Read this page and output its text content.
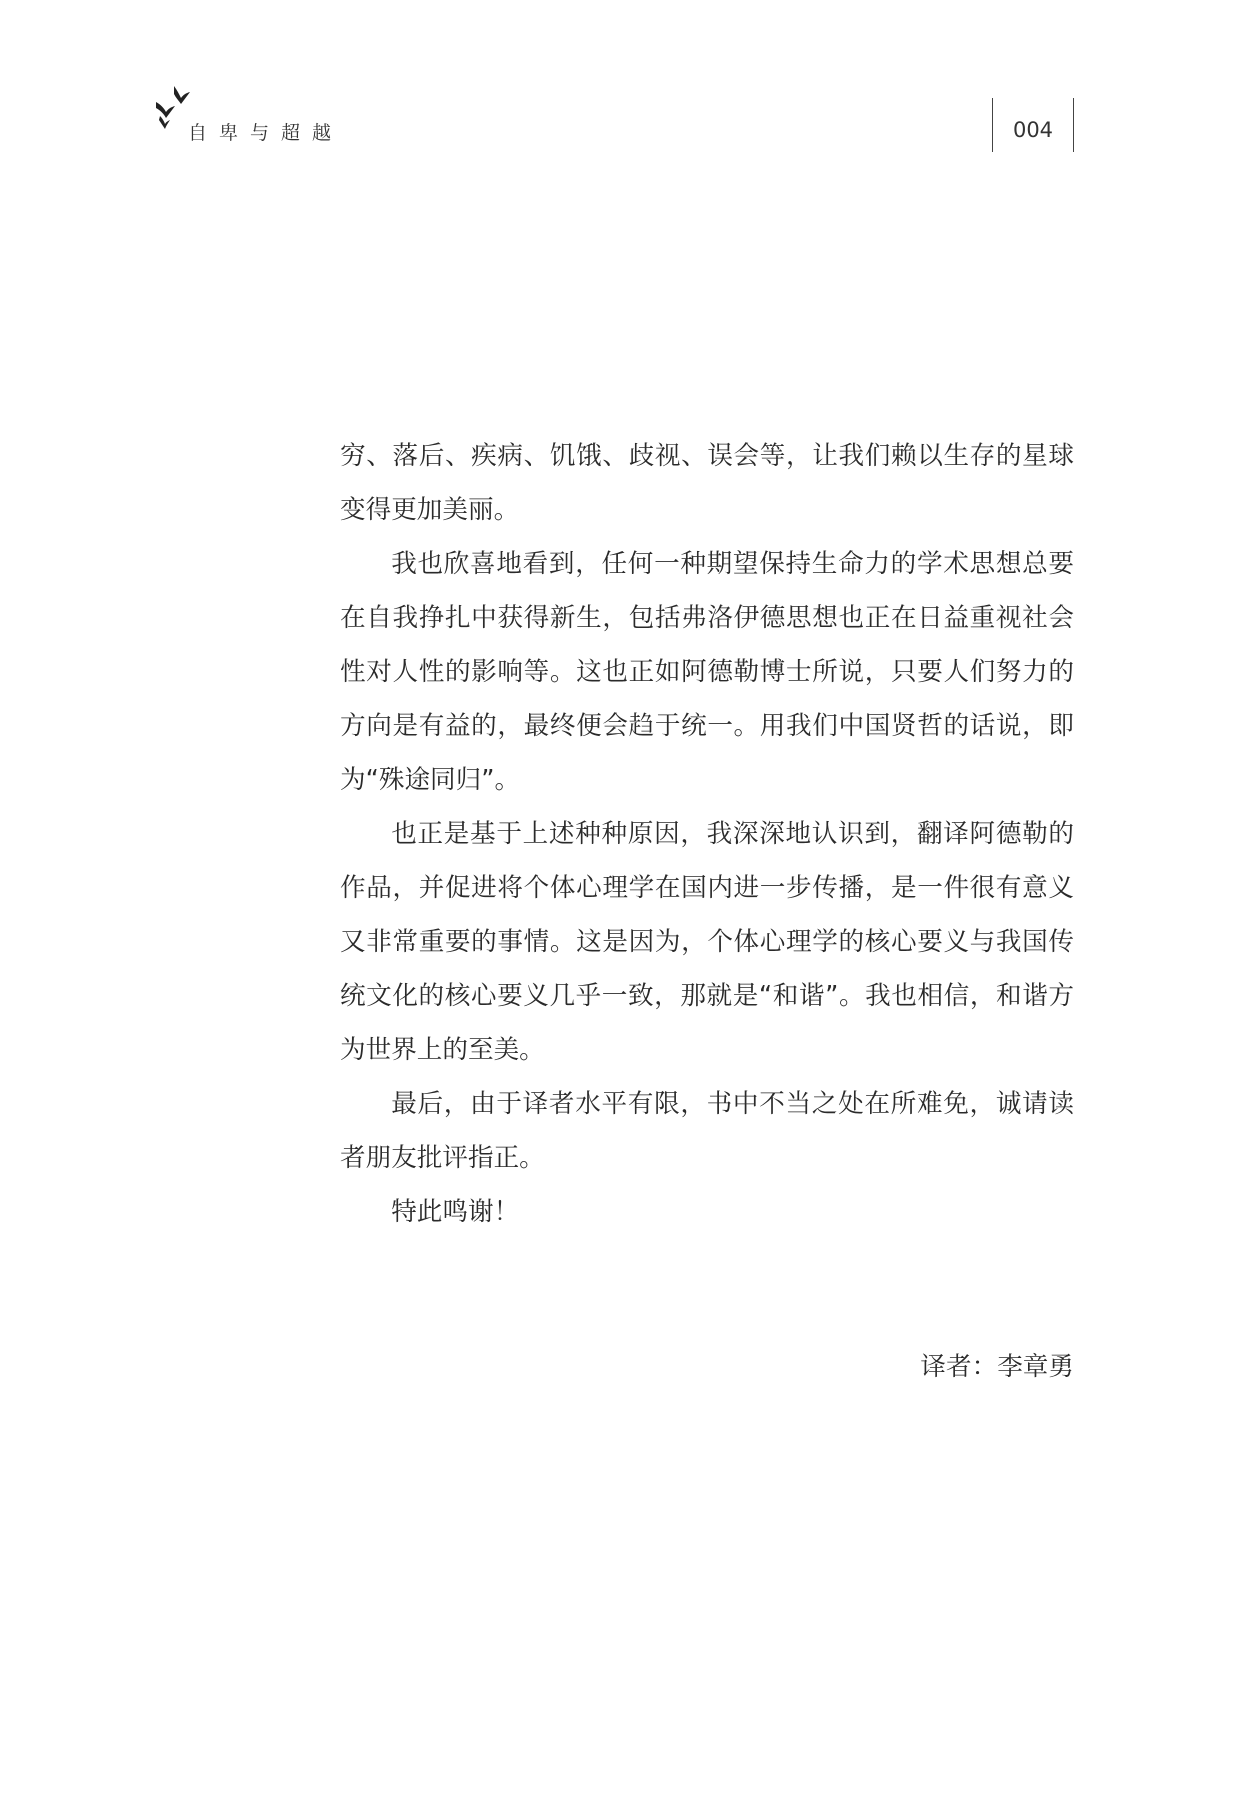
自卑与超越	004

穷、落后、疾病、饥饿、歧视、误会等，让我们赖以生存的星球变得更加美丽。

我也欣喜地看到，任何一种期望保持生命力的学术思想总要在自我挣扎中获得新生，包括弗洛伊德思想也正在日益重视社会性对人性的影响等。这也正如阿德勒博士所说，只要人们努力的方向是有益的，最终便会趋于统一。用我们中国贤哲的话说，即为“殊途同归”。

也正是基于上述种种原因，我深深地认识到，翻译阿德勒的作品，并促进将个体心理学在国内进一步传播，是一件很有意义又非常重要的事情。这是因为，个体心理学的核心要义与我国传统文化的核心要义几乎一致，那就是“和谐”。我也相信，和谐方为世界上的至美。

最后，由于译者水平有限，书中不当之处在所难免，诚请读者朋友批评指正。

特此鸣谢！

译者：李章勇
